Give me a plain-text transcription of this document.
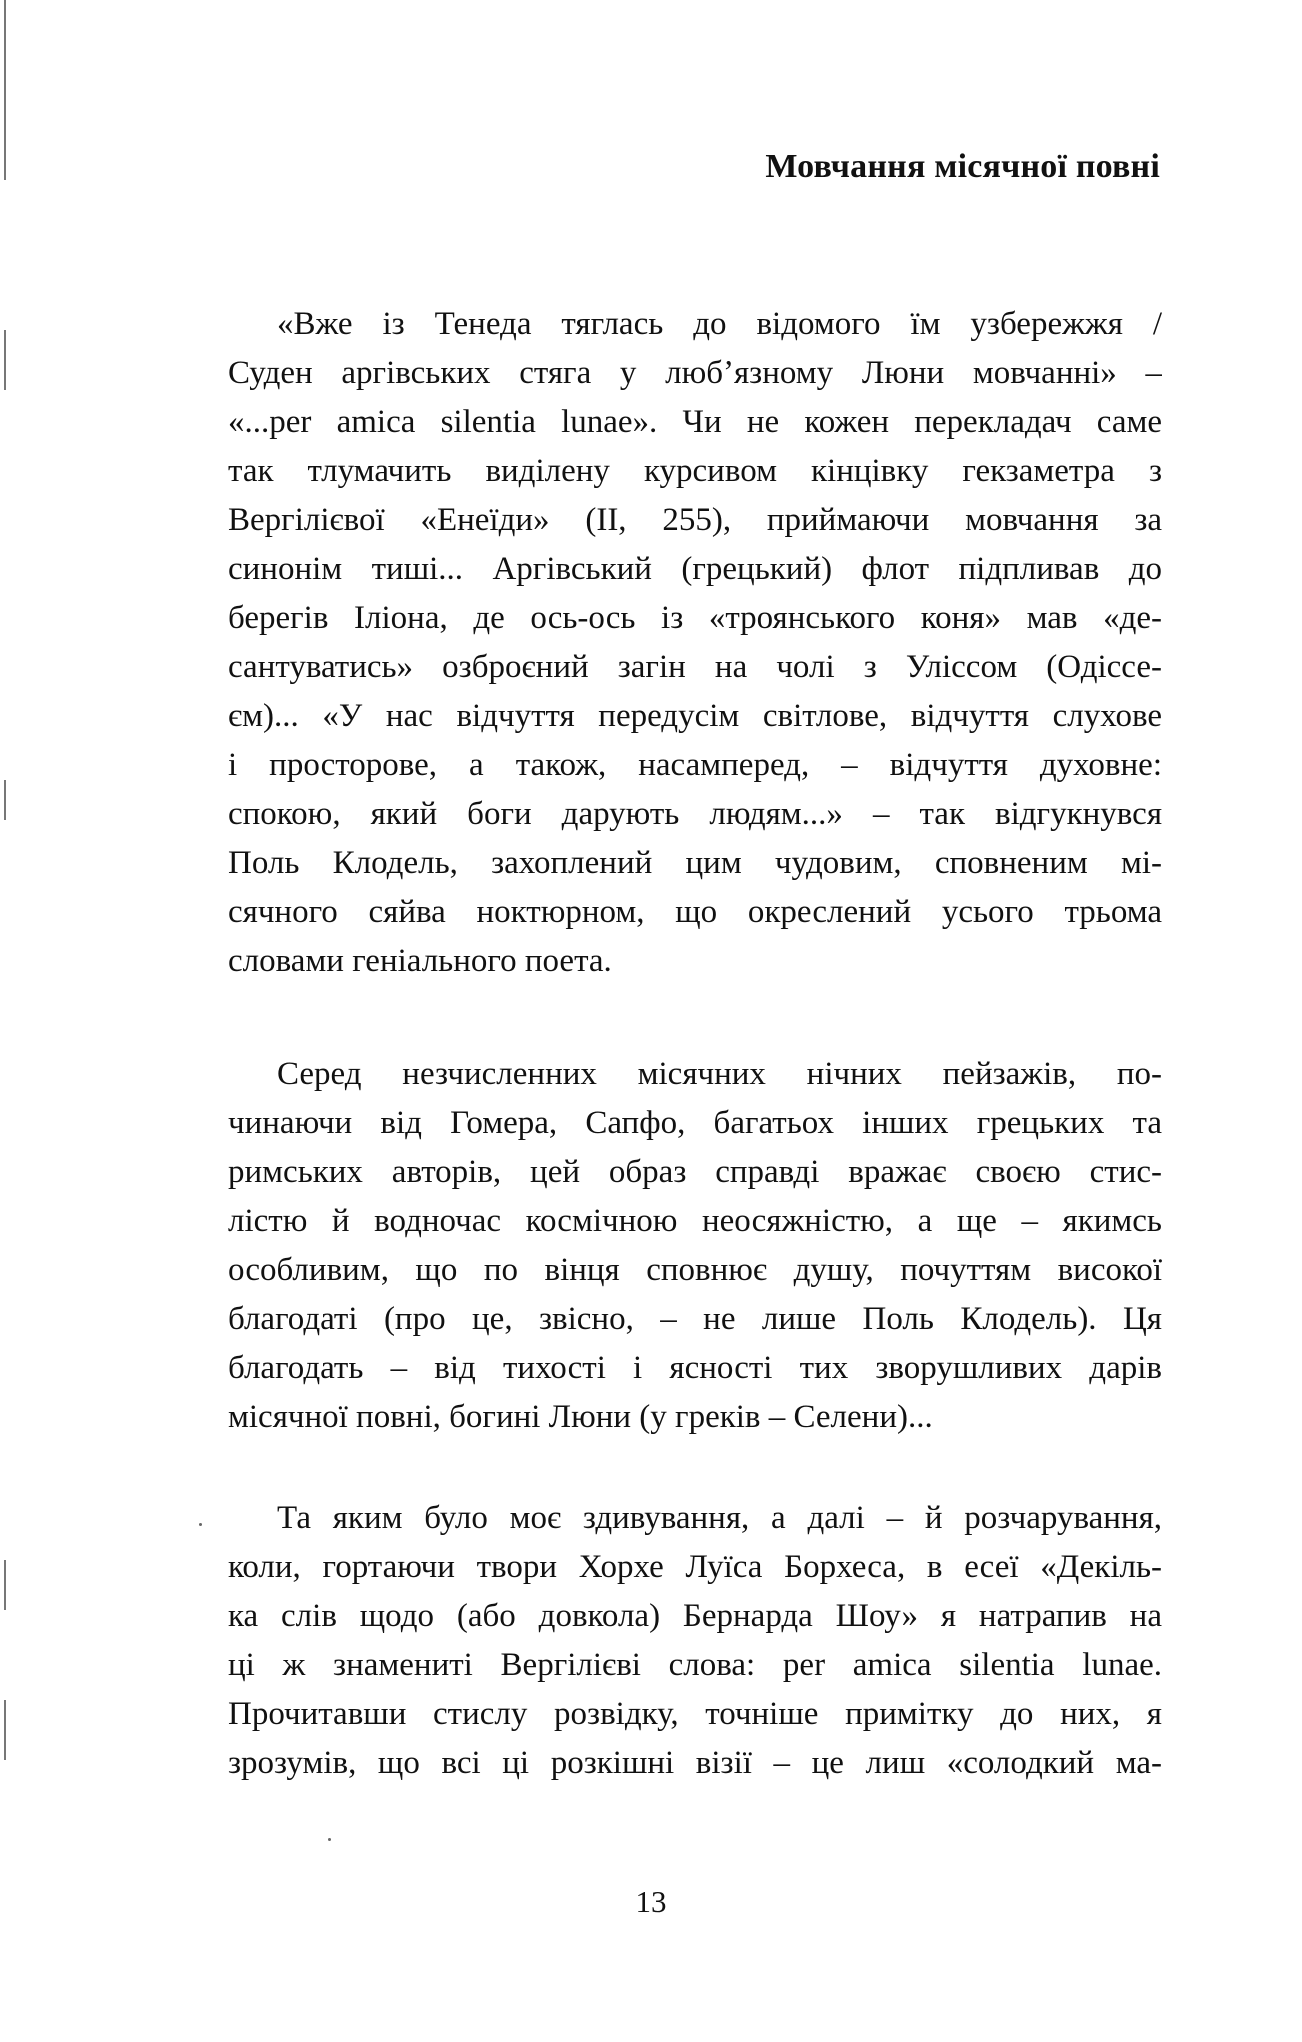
Мовчання місячної повні
«Вже із Тенеда тяглась до відомого їм узбережжя /
Суден аргівських стяга у любʼязному Люни мовчанні» –
«...per amica silentia lunae». Чи не кожен перекладач саме
так тлумачить виділену курсивом кінцівку гекзаметра з
Вергілієвої «Енеїди» (ІІ, 255), приймаючи мовчання за
синонім тиші... Аргівський (грецький) флот підпливав до
берегів Іліона, де ось-ось із «троянського коня» мав «де-
сантуватись» озброєний загін на чолі з Уліссом (Одіссе-
єм)... «У нас відчуття передусім світлове, відчуття слухове
і просторове, а також, насамперед, – відчуття духовне:
спокою, який боги дарують людям...» – так відгукнувся
Поль Клодель, захоплений цим чудовим, сповненим мі-
сячного сяйва ноктюрном, що окреслений усього трьома
словами геніального поета.
Серед незчисленних місячних нічних пейзажів, по-
чинаючи від Гомера, Сапфо, багатьох інших грецьких та
римських авторів, цей образ справді вражає своєю стис-
лістю й водночас космічною неосяжністю, а ще – якимсь
особливим, що по вінця сповнює душу, почуттям високої
благодаті (про це, звісно, – не лише Поль Клодель). Ця
благодать – від тихості і ясності тих зворушливих дарів
місячної повні, богині Люни (у греків – Селени)...
Та яким було моє здивування, а далі – й розчарування,
коли, гортаючи твори Хорхе Луїса Борхеса, в есеї «Декіль-
ка слів щодо (або довкола) Бернарда Шоу» я натрапив на
ці ж знамениті Вергілієві слова: per amica silentia lunae.
Прочитавши стислу розвідку, точніше примітку до них, я
зрозумів, що всі ці розкішні візії – це лиш «солодкий ма-
13
